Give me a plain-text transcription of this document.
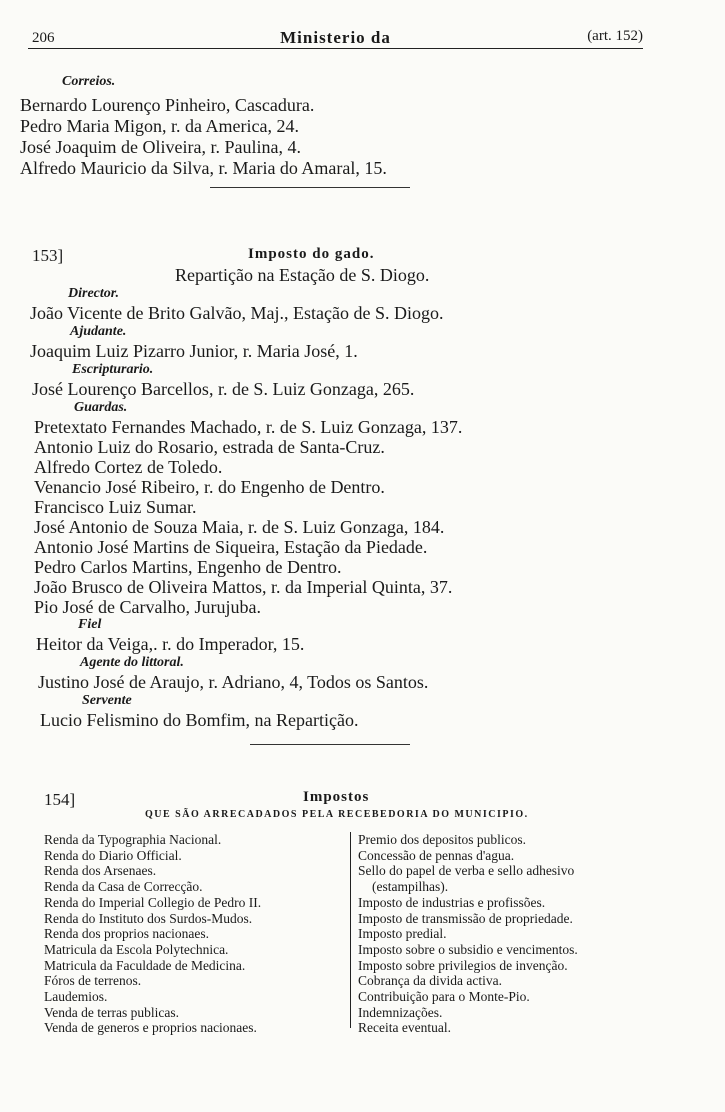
206	Ministerio da	(art. 152)
Correios.
Bernardo Lourenço Pinheiro, Cascadura.
Pedro Maria Migon, r. da America, 24.
José Joaquim de Oliveira, r. Paulina, 4.
Alfredo Mauricio da Silva, r. Maria do Amaral, 15.
153]	Imposto do gado.
Repartição na Estação de S. Diogo.
Director.
João Vicente de Brito Galvão, Maj., Estação de S. Diogo.
Ajudante.
Joaquim Luiz Pizarro Junior, r. Maria José, 1.
Escripturario.
José Lourenço Barcellos, r. de S. Luiz Gonzaga, 265.
Guardas.
Pretextato Fernandes Machado, r. de S. Luiz Gonzaga, 137.
Antonio Luiz do Rosario, estrada de Santa-Cruz.
Alfredo Cortez de Toledo.
Venancio José Ribeiro, r. do Engenho de Dentro.
Francisco Luiz Sumar.
José Antonio de Souza Maia, r. de S. Luiz Gonzaga, 184.
Antonio José Martins de Siqueira, Estação da Piedade.
Pedro Carlos Martins, Engenho de Dentro.
João Brusco de Oliveira Mattos, r. da Imperial Quinta, 37.
Pio José de Carvalho, Jurujuba.
Fiel
Heitor da Veiga,. r. do Imperador, 15.
Agente do littoral.
Justino José de Araujo, r. Adriano, 4, Todos os Santos.
Servente
Lucio Felismino do Bomfim, na Repartição.
154]	Impostos
QUE SÃO ARRECADADOS PELA RECEBEDORIA DO MUNICIPIO.
Renda da Typographia Nacional.
Renda do Diario Official.
Renda dos Arsenaes.
Renda da Casa de Correcção.
Renda do Imperial Collegio de Pedro II.
Renda do Instituto dos Surdos-Mudos.
Renda dos proprios nacionaes.
Matricula da Escola Polytechnica.
Matricula da Faculdade de Medicina.
Fóros de terrenos.
Laudemios.
Venda de terras publicas.
Venda de generos e proprios nacionaes.
Premio dos depositos publicos.
Concessão de pennas d'agua.
Sello do papel de verba e sello adhesivo
(estampilhas).
Imposto de industrias e profissões.
Imposto de transmissão de propriedade.
Imposto predial.
Imposto sobre o subsidio e vencimentos.
Imposto sobre privilegios de invenção.
Cobrança da divida activa.
Contribuição para o Monte-Pio.
Indemnizações.
Receita eventual.
